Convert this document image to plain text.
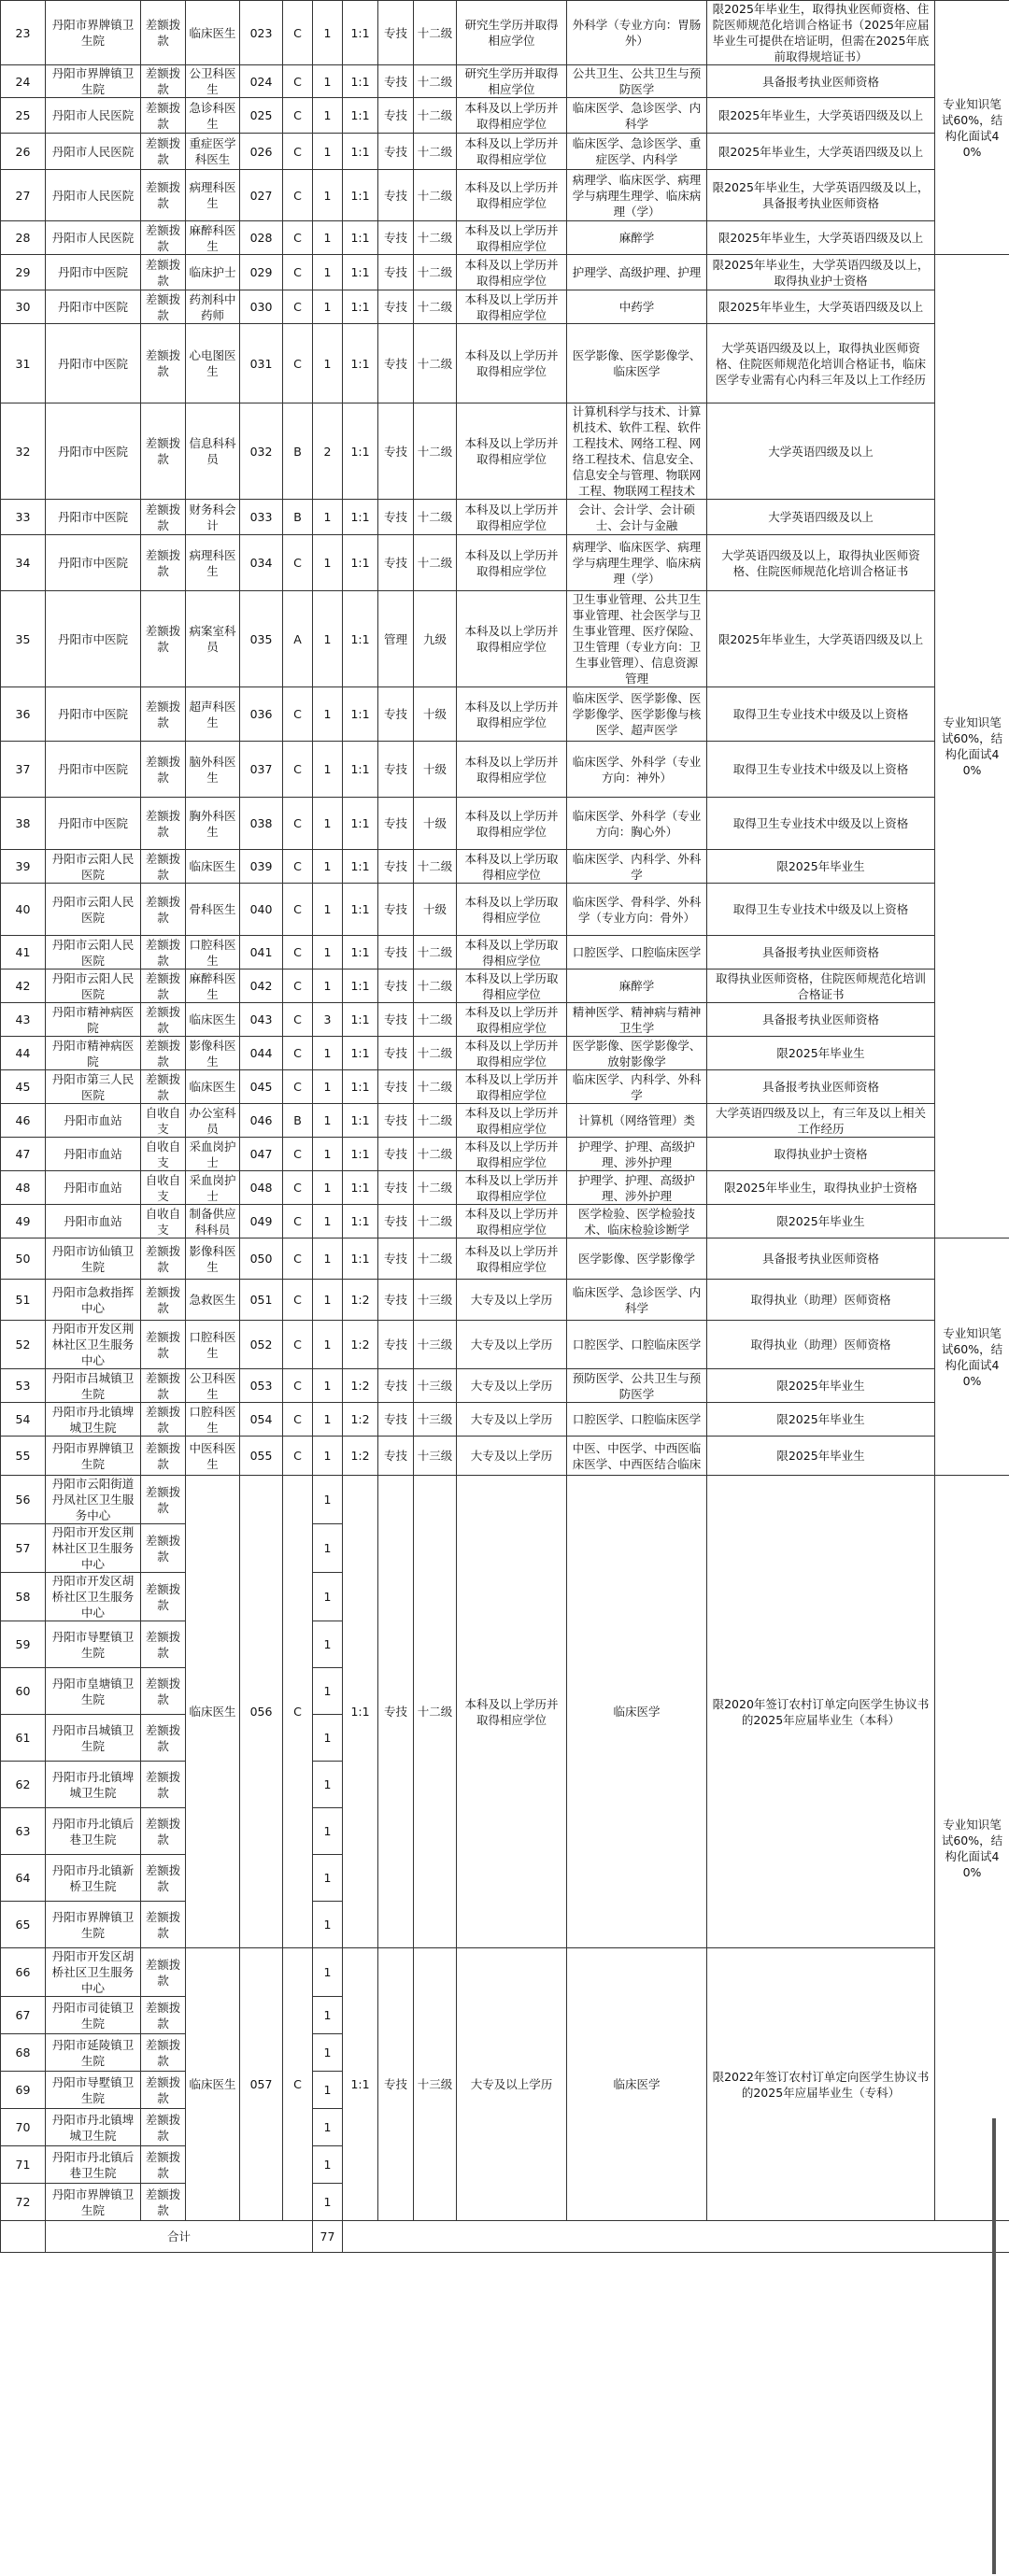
23	丹阳市界牌镇卫生院	差额拨款	临床医生	023	C	1	1:1	专技	十二级	研究生学历并取得相应学位	外科学（专业方向：胃肠外）	限2025年毕业生，取得执业医师资格、住院医师规范化培训合格证书（2025年应届毕业生可提供在培证明，但需在2025年底前取得规培证书）	专业知识笔试60%，结构化面试40%
24	丹阳市界牌镇卫生院	差额拨款	公卫科医生	024	C	1	1:1	专技	十二级	研究生学历并取得相应学位	公共卫生、公共卫生与预防医学	具备报考执业医师资格	
25	丹阳市人民医院	差额拨款	急诊科医生	025	C	1	1:1	专技	十二级	本科及以上学历并取得相应学位	临床医学、急诊医学、内科学	限2025年毕业生，大学英语四级及以上	
26	丹阳市人民医院	差额拨款	重症医学科医生	026	C	1	1:1	专技	十二级	本科及以上学历并取得相应学位	临床医学、急诊医学、重症医学、内科学	限2025年毕业生，大学英语四级及以上	
27	丹阳市人民医院	差额拨款	病理科医生	027	C	1	1:1	专技	十二级	本科及以上学历并取得相应学位	病理学、临床医学、病理学与病理生理学、临床病理（学）	限2025年毕业生，大学英语四级及以上，具备报考执业医师资格	
28	丹阳市人民医院	差额拨款	麻醉科医生	028	C	1	1:1	专技	十二级	本科及以上学历并取得相应学位	麻醉学	限2025年毕业生，大学英语四级及以上	
29	丹阳市中医院	差额拨款	临床护士	029	C	1	1:1	专技	十二级	本科及以上学历并取得相应学位	护理学、高级护理、护理	限2025年毕业生，大学英语四级及以上，取得执业护士资格	专业知识笔试60%，结构化面试40%
30	丹阳市中医院	差额拨款	药剂科中药师	030	C	1	1:1	专技	十二级	本科及以上学历并取得相应学位	中药学	限2025年毕业生，大学英语四级及以上	
31	丹阳市中医院	差额拨款	心电图医生	031	C	1	1:1	专技	十二级	本科及以上学历并取得相应学位	医学影像、医学影像学、临床医学	大学英语四级及以上，取得执业医师资格、住院医师规范化培训合格证书，临床医学专业需有心内科三年及以上工作经历	
32	丹阳市中医院	差额拨款	信息科科员	032	B	2	1:1	专技	十二级	本科及以上学历并取得相应学位	计算机科学与技术、计算机技术、软件工程、软件工程技术、网络工程、网络工程技术、信息安全、信息安全与管理、物联网工程、物联网工程技术	大学英语四级及以上	
33	丹阳市中医院	差额拨款	财务科会计	033	B	1	1:1	专技	十二级	本科及以上学历并取得相应学位	会计、会计学、会计硕士、会计与金融	大学英语四级及以上	
34	丹阳市中医院	差额拨款	病理科医生	034	C	1	1:1	专技	十二级	本科及以上学历并取得相应学位	病理学、临床医学、病理学与病理生理学、临床病理（学）	大学英语四级及以上，取得执业医师资格、住院医师规范化培训合格证书	
35	丹阳市中医院	差额拨款	病案室科员	035	A	1	1:1	管理	九级	本科及以上学历并取得相应学位	卫生事业管理、公共卫生事业管理、社会医学与卫生事业管理、医疗保险、卫生管理（专业方向：卫生事业管理）、信息资源管理	限2025年毕业生，大学英语四级及以上	
36	丹阳市中医院	差额拨款	超声科医生	036	C	1	1:1	专技	十级	本科及以上学历并取得相应学位	临床医学、医学影像、医学影像学、医学影像与核医学、超声医学	取得卫生专业技术中级及以上资格	
37	丹阳市中医院	差额拨款	脑外科医生	037	C	1	1:1	专技	十级	本科及以上学历并取得相应学位	临床医学、外科学（专业方向：神外）	取得卫生专业技术中级及以上资格	
38	丹阳市中医院	差额拨款	胸外科医生	038	C	1	1:1	专技	十级	本科及以上学历并取得相应学位	临床医学、外科学（专业方向：胸心外）	取得卫生专业技术中级及以上资格	
39	丹阳市云阳人民医院	差额拨款	临床医生	039	C	1	1:1	专技	十二级	本科及以上学历取得相应学位	临床医学、内科学、外科学	限2025年毕业生	
40	丹阳市云阳人民医院	差额拨款	骨科医生	040	C	1	1:1	专技	十级	本科及以上学历取得相应学位	临床医学、骨科学、外科学（专业方向：骨外）	取得卫生专业技术中级及以上资格	
41	丹阳市云阳人民医院	差额拨款	口腔科医生	041	C	1	1:1	专技	十二级	本科及以上学历取得相应学位	口腔医学、口腔临床医学	具备报考执业医师资格	
42	丹阳市云阳人民医院	差额拨款	麻醉科医生	042	C	1	1:1	专技	十二级	本科及以上学历取得相应学位	麻醉学	取得执业医师资格，住院医师规范化培训合格证书	
43	丹阳市精神病医院	差额拨款	临床医生	043	C	3	1:1	专技	十二级	本科及以上学历并取得相应学位	精神医学、精神病与精神卫生学	具备报考执业医师资格	
44	丹阳市精神病医院	差额拨款	影像科医生	044	C	1	1:1	专技	十二级	本科及以上学历并取得相应学位	医学影像、医学影像学、放射影像学	限2025年毕业生	
45	丹阳市第三人民医院	差额拨款	临床医生	045	C	1	1:1	专技	十二级	本科及以上学历并取得相应学位	临床医学、内科学、外科学	具备报考执业医师资格	
46	丹阳市血站	自收自支	办公室科员	046	B	1	1:1	专技	十二级	本科及以上学历并取得相应学位	计算机（网络管理）类	大学英语四级及以上，有三年及以上相关工作经历	
47	丹阳市血站	自收自支	采血岗护士	047	C	1	1:1	专技	十二级	本科及以上学历并取得相应学位	护理学、护理、高级护理、涉外护理	取得执业护士资格	
48	丹阳市血站	自收自支	采血岗护士	048	C	1	1:1	专技	十二级	本科及以上学历并取得相应学位	护理学、护理、高级护理、涉外护理	限2025年毕业生，取得执业护士资格	
49	丹阳市血站	自收自支	制备供应科科员	049	C	1	1:1	专技	十二级	本科及以上学历并取得相应学位	医学检验、医学检验技术、临床检验诊断学	限2025年毕业生	
50	丹阳市访仙镇卫生院	差额拨款	影像科医生	050	C	1	1:1	专技	十二级	本科及以上学历并取得相应学位	医学影像、医学影像学	具备报考执业医师资格	专业知识笔试60%，结构化面试40%
51	丹阳市急救指挥中心	差额拨款	急救医生	051	C	1	1:2	专技	十三级	大专及以上学历	临床医学、急诊医学、内科学	取得执业（助理）医师资格	
52	丹阳市开发区荆林社区卫生服务中心	差额拨款	口腔科医生	052	C	1	1:2	专技	十三级	大专及以上学历	口腔医学、口腔临床医学	取得执业（助理）医师资格	
53	丹阳市吕城镇卫生院	差额拨款	公卫科医生	053	C	1	1:2	专技	十三级	大专及以上学历	预防医学、公共卫生与预防医学	限2025年毕业生	
54	丹阳市丹北镇埤城卫生院	差额拨款	口腔科医生	054	C	1	1:2	专技	十三级	大专及以上学历	口腔医学、口腔临床医学	限2025年毕业生	
55	丹阳市界牌镇卫生院	差额拨款	中医科医生	055	C	1	1:2	专技	十三级	大专及以上学历	中医、中医学、中西医临床医学、中西医结合临床	限2025年毕业生	
56	丹阳市云阳街道丹凤社区卫生服务中心	差额拨款	临床医生	056	C	1	1:1	专技	十二级	本科及以上学历并取得相应学位	临床医学	限2020年签订农村订单定向医学生协议书的2025年应届毕业生（本科）	专业知识笔试60%，结构化面试40%
57	丹阳市开发区荆林社区卫生服务中心	差额拨款				1							
58	丹阳市开发区胡桥社区卫生服务中心	差额拨款				1							
59	丹阳市导墅镇卫生院	差额拨款				1							
60	丹阳市皇塘镇卫生院	差额拨款				1							
61	丹阳市吕城镇卫生院	差额拨款				1							
62	丹阳市丹北镇埤城卫生院	差额拨款				1							
63	丹阳市丹北镇后巷卫生院	差额拨款				1							
64	丹阳市丹北镇新桥卫生院	差额拨款				1							
65	丹阳市界牌镇卫生院	差额拨款				1							
66	丹阳市开发区胡桥社区卫生服务中心	差额拨款	临床医生	057	C	1	1:1	专技	十三级	大专及以上学历	临床医学	限2022年签订农村订单定向医学生协议书的2025年应届毕业生（专科）	
67	丹阳市司徒镇卫生院	差额拨款				1							
68	丹阳市延陵镇卫生院	差额拨款				1							
69	丹阳市导墅镇卫生院	差额拨款				1							
70	丹阳市丹北镇埤城卫生院	差额拨款				1							
71	丹阳市丹北镇后巷卫生院	差额拨款				1							
72	丹阳市界牌镇卫生院	差额拨款				1							
	合计					77							
